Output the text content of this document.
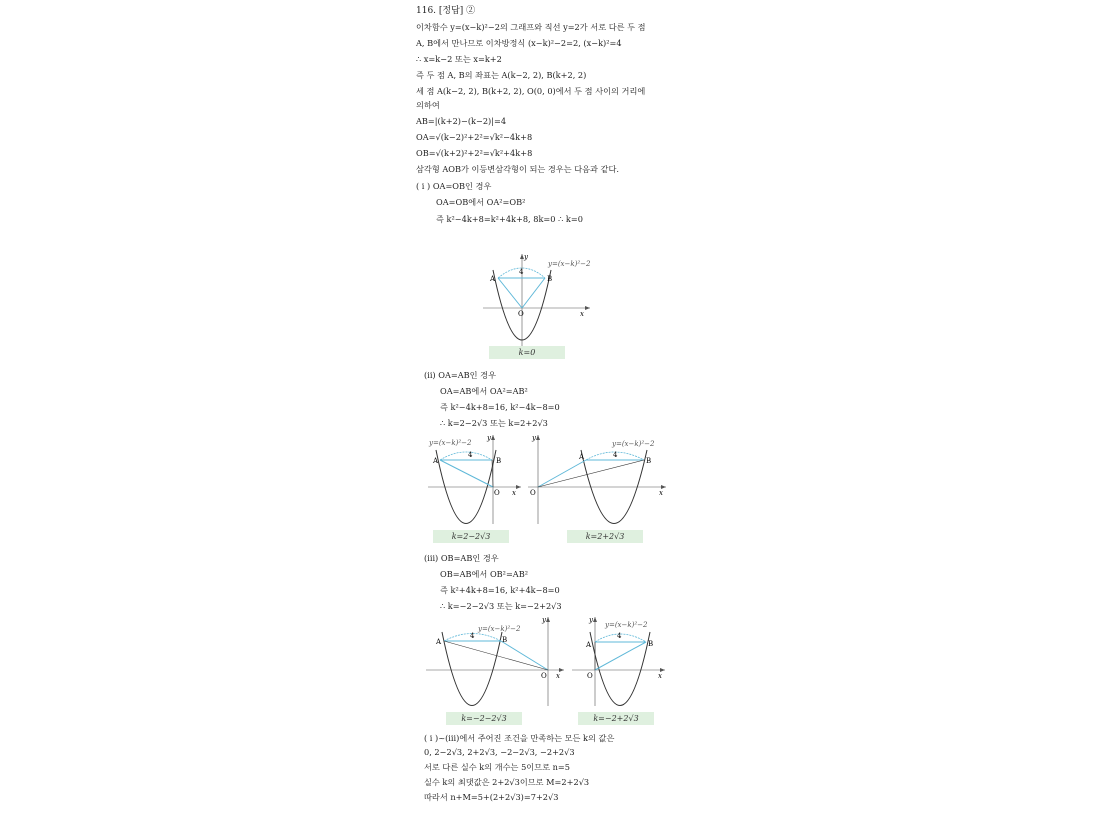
116. [정답] ②
이차함수 y=(x−k)²−2의 그래프와 직선 y=2가 서로 다른 두 점
A, B에서 만나므로 이차방정식 (x−k)²−2=2, (x−k)²=4
∴ x=k−2 또는 x=k+2
즉 두 점 A, B의 좌표는 A(k−2, 2), B(k+2, 2)
세 점 A(k−2, 2), B(k+2, 2), O(0, 0)에서 두 점 사이의 거리에
의하여
AB=|(k+2)−(k−2)|=4
OA=√(k−2)²+2²=√k²−4k+8
OB=√(k+2)²+2²=√k²+4k+8
삼각형 AOB가 이등변삼각형이 되는 경우는 다음과 같다.
( i ) OA=OB인 경우
OA=OB에서 OA²=OB²
즉 k²−4k+8=k²+4k+8, 8k=0 ∴ k=0
y
y=(x−k)²−2
4
A	B
O	x
k=0
(ⅱ) OA=AB인 경우
OA=AB에서 OA²=AB²
즉 k²−4k+8=16, k²−4k−8=0
∴ k=2−2√3 또는 k=2+2√3
y=(x−k)²−2
y
4
A	B
O x
y
y=(x−k)²−2
4
A	B
O	x
k=2−2√3	k=2+2√3
(ⅲ) OB=AB인 경우
OB=AB에서 OB²=AB²
즉 k²+4k+8=16, k²+4k−8=0
∴ k=−2−2√3 또는 k=−2+2√3
y
y=(x−k)²−2
4
A	B
O x
y
y=(x−k)²−2
4
A	B
O	x
k=−2−2√3	k=−2+2√3
( i )~(ⅲ)에서 주어진 조건을 만족하는 모든 k의 값은
0, 2−2√3, 2+2√3, −2−2√3, −2+2√3
서로 다른 실수 k의 개수는 5이므로 n=5
실수 k의 최댓값은 2+2√3이므로 M=2+2√3
따라서 n+M=5+(2+2√3)=7+2√3
